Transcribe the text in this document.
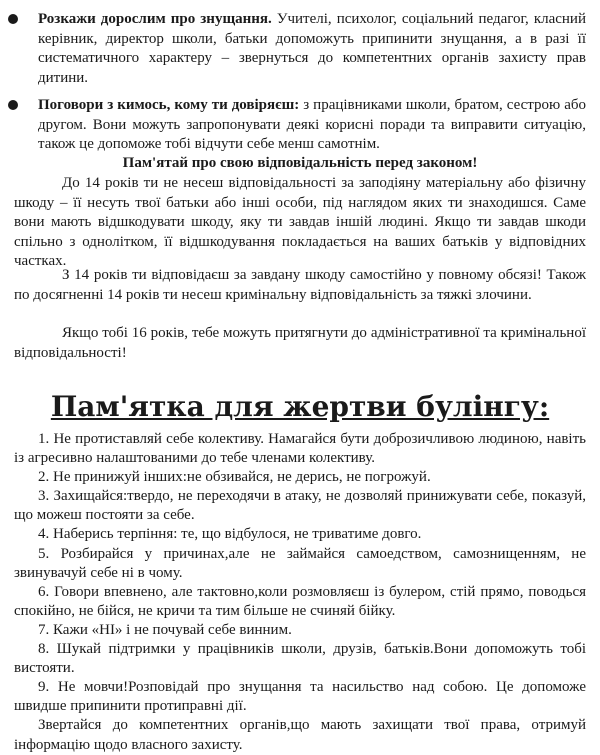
Розкажи дорослим про знущання. Учителі, психолог, соціальний педагог, класний керівник, директор школи, батьки допоможуть припинити знущання, а в разі її систематичного характеру – звернуться до компетентних органів захисту прав дитини.
Поговори з кимось, кому ти довіряєш: з працівниками школи, братом, сестрою або другом. Вони можуть запропонувати деякі корисні поради та виправити ситуацію, також це допоможе тобі відчути себе менш самотнім.
Пам'ятай про свою відповідальність перед законом!
До 14 років ти не несеш відповідальності за заподіяну матеріальну або фізичну шкоду – її несуть твої батьки або інші особи, під наглядом яких ти знаходишся. Саме вони мають відшкодувати шкоду, яку ти завдав іншій людині. Якщо ти завдав шкоди спільно з однолітком, її відшкодування покладається на ваших батьків у відповідних частках.
З 14 років ти відповідаєш за завдану шкоду самостійно у повному обсязі! Також по досягненні 14 років ти несеш кримінальну відповідальність за тяжкі злочини.
Якщо тобі 16 років, тебе можуть притягнути до адміністративної та кримінальної відповідальності!
Пам'ятка для жертви булінгу:
1. Не протиставляй себе колективу. Намагайся бути доброзичливою людиною, навіть із агресивно налаштованими до тебе членами колективу.
2. Не принижуй інших:не обзивайся, не дерись, не погрожуй.
3. Захищайся:твердо, не переходячи в атаку, не дозволяй принижувати себе, показуй, що можеш постояти за себе.
4. Наберись терпіння: те, що відбулося, не триватиме довго.
5. Розбирайся у причинах,але не займайся самоедством, самознищенням, не звинувачуй себе ні в чому.
6. Говори впевнено, але тактовно,коли розмовляєш із булером, стій прямо, поводься спокійно, не бійся, не кричи та тим більше не счиняй бійку.
7. Кажи «НІ» і не почувай себе винним.
8. Шукай підтримки у працівників школи, друзів, батьків.Вони допоможуть тобі вистояти.
9. Не мовчи!Розповідай про знущання та насильство над собою. Це допоможе швидше припинити протиправні дії.
Звертайся до компетентних органів,що мають захищати твої права, отримуй інформацію щодо власного захисту.
